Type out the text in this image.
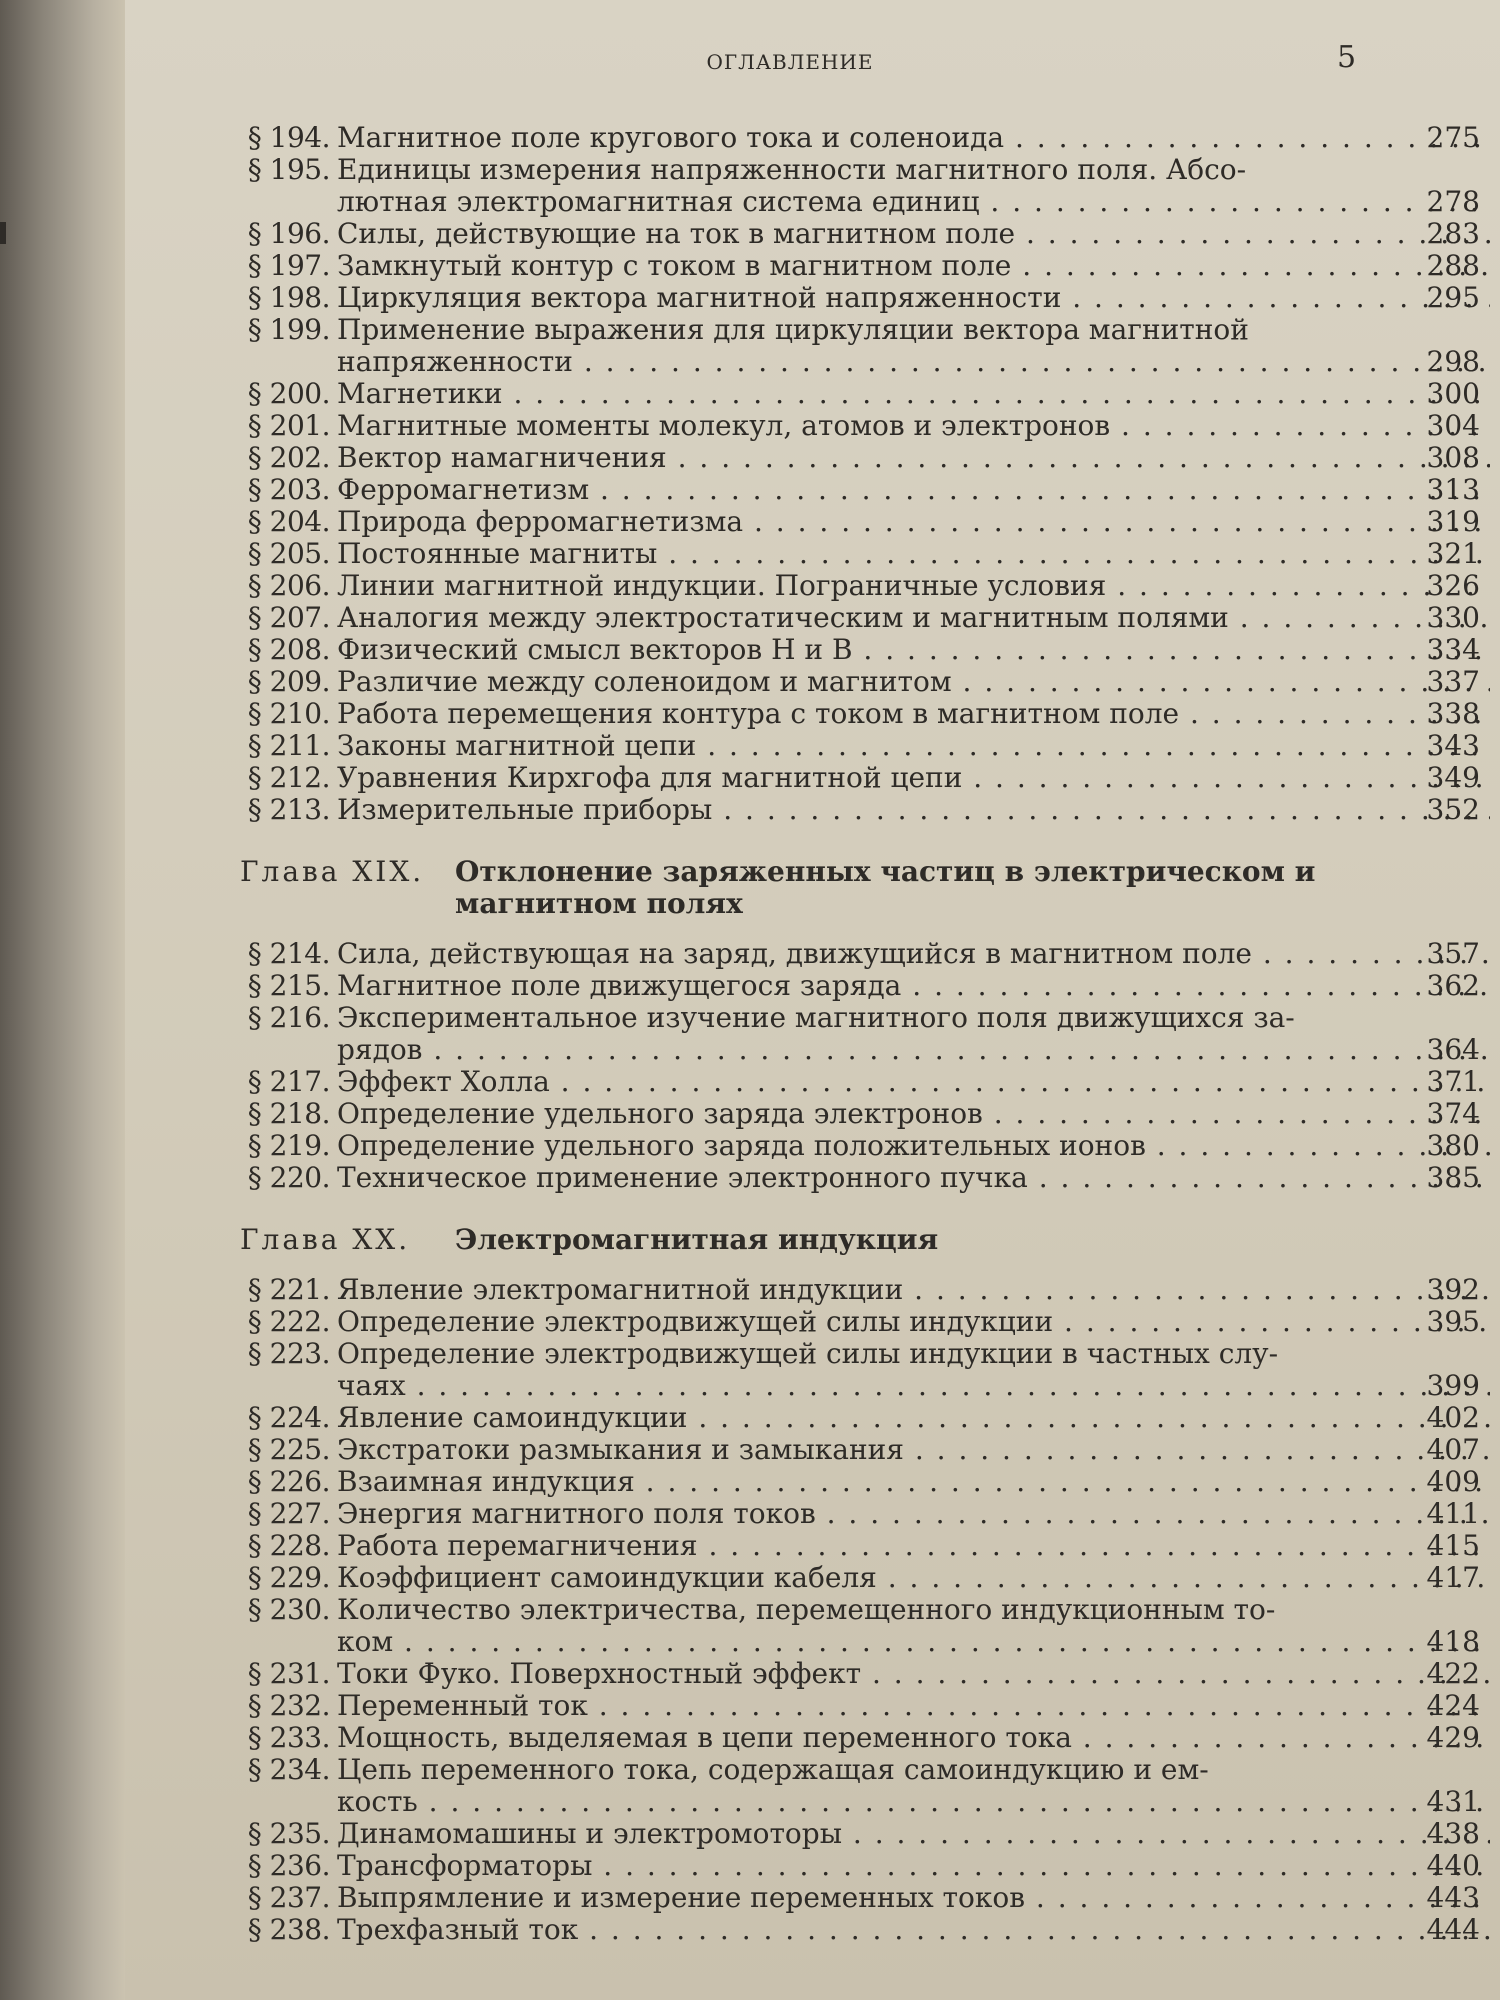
ОГЛАВЛЕНИЕ	5
§ 194. Магнитное поле кругового тока и соленоида	275
. . .
§ 195. Единицы измерения напряженности магнитного поля. Абсо-
лютная электромагнитная система единиц	278
. . .
§ 196. Силы, действующие на ток в магнитном поле	283
. . .
§ 197. Замкнутый контур с током в магнитном поле	288
. . .
§ 198. Циркуляция вектора магнитной напряженности	295
. . .
§ 199. Применение выражения для циркуляции вектора магнитной
напряженности	298
. . .
§ 200. Магнетики	300
. . .
§ 201. Магнитные моменты молекул, атомов и электронов	304
. . .
§ 202. Вектор намагничения	308
. . .
§ 203. Ферромагнетизм	313
. . .
§ 204. Природа ферромагнетизма	319
. . .
§ 205. Постоянные магниты	321
. . .
§ 206. Линии магнитной индукции. Пограничные условия	326
. . .
§ 207. Аналогия между электростатическим и магнитным полями	330
. . .
§ 208. Физический смысл векторов H и B	334
. . .
§ 209. Различие между соленоидом и магнитом	337
. . .
§ 210. Работа перемещения контура с током в магнитном поле	338
. . .
§ 211. Законы магнитной цепи	343
. . .
§ 212. Уравнения Кирхгофа для магнитной цепи	349
. . .
§ 213. Измерительные приборы	352
. . .
Глава XIX.	Отклонение заряженных частиц в электрическом и магнитном полях
§ 214. Сила, действующая на заряд, движущийся в магнитном поле	357
. . .
§ 215. Магнитное поле движущегося заряда	362
. . .
§ 216. Экспериментальное изучение магнитного поля движущихся за-
рядов	364
. . .
§ 217. Эффект Холла	371
. . .
§ 218. Определение удельного заряда электронов	374
. . .
§ 219. Определение удельного заряда положительных ионов	380
. . .
§ 220. Техническое применение электронного пучка	385
. . .
Глава XX.	Электромагнитная индукция
§ 221. Явление электромагнитной индукции	392
. . .
§ 222. Определение электродвижущей силы индукции	395
. . .
§ 223. Определение электродвижущей силы индукции в частных слу-
чаях	399
. . .
§ 224. Явление самоиндукции	402
. . .
§ 225. Экстратоки размыкания и замыкания	407
. . .
§ 226. Взаимная индукция	409
. . .
§ 227. Энергия магнитного поля токов	411
. . .
§ 228. Работа перемагничения	415
. . .
§ 229. Коэффициент самоиндукции кабеля	417
. . .
§ 230. Количество электричества, перемещенного индукционным то-
ком	418
. . .
§ 231. Токи Фуко. Поверхностный эффект	422
. . .
§ 232. Переменный ток	424
. . .
§ 233. Мощность, выделяемая в цепи переменного тока	429
. . .
§ 234. Цепь переменного тока, содержащая самоиндукцию и ем-
кость	431
. . .
§ 235. Динамомашины и электромоторы	438
. . .
§ 236. Трансформаторы	440
. . .
§ 237. Выпрямление и измерение переменных токов	443
. . .
§ 238. Трехфазный ток	444
. . .
